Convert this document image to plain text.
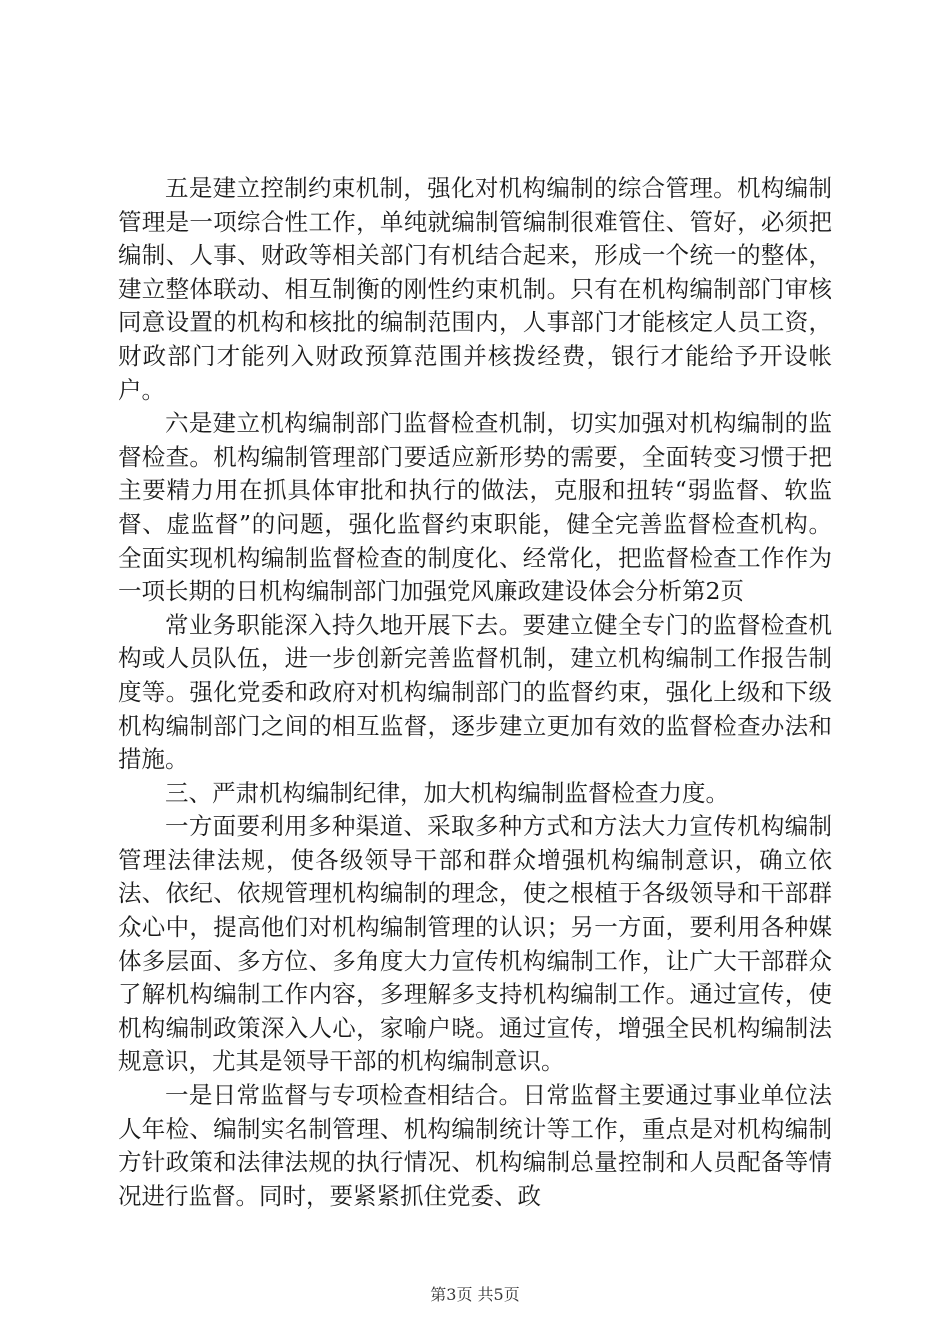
五是建立控制约束机制，强化对机构编制的综合管理。机构编制管理是一项综合性工作，单纯就编制管编制很难管住、管好，必须把编制、人事、财政等相关部门有机结合起来，形成一个统一的整体，建立整体联动、相互制衡的刚性约束机制。只有在机构编制部门审核同意设置的机构和核批的编制范围内，人事部门才能核定人员工资，财政部门才能列入财政预算范围并核拨经费，银行才能给予开设帐户。

六是建立机构编制部门监督检查机制，切实加强对机构编制的监督检查。机构编制管理部门要适应新形势的需要，全面转变习惯于把主要精力用在抓具体审批和执行的做法，克服和扭转“弱监督、软监督、虚监督”的问题，强化监督约束职能，健全完善监督检查机构。全面实现机构编制监督检查的制度化、经常化，把监督检查工作作为一项长期的日机构编制部门加强党风廉政建设体会分析第2页

常业务职能深入持久地开展下去。要建立健全专门的监督检查机构或人员队伍，进一步创新完善监督机制，建立机构编制工作报告制度等。强化党委和政府对机构编制部门的监督约束，强化上级和下级机构编制部门之间的相互监督，逐步建立更加有效的监督检查办法和措施。

三、严肃机构编制纪律，加大机构编制监督检查力度。

一方面要利用多种渠道、采取多种方式和方法大力宣传机构编制管理法律法规，使各级领导干部和群众增强机构编制意识，确立依法、依纪、依规管理机构编制的理念，使之根植于各级领导和干部群众心中，提高他们对机构编制管理的认识；另一方面，要利用各种媒体多层面、多方位、多角度大力宣传机构编制工作，让广大干部群众了解机构编制工作内容，多理解多支持机构编制工作。通过宣传，使机构编制政策深入人心，家喻户晓。通过宣传，增强全民机构编制法规意识，尤其是领导干部的机构编制意识。

一是日常监督与专项检查相结合。日常监督主要通过事业单位法人年检、编制实名制管理、机构编制统计等工作，重点是对机构编制方针政策和法律法规的执行情况、机构编制总量控制和人员配备等情况进行监督。同时，要紧紧抓住党委、政

第3页 共5页
